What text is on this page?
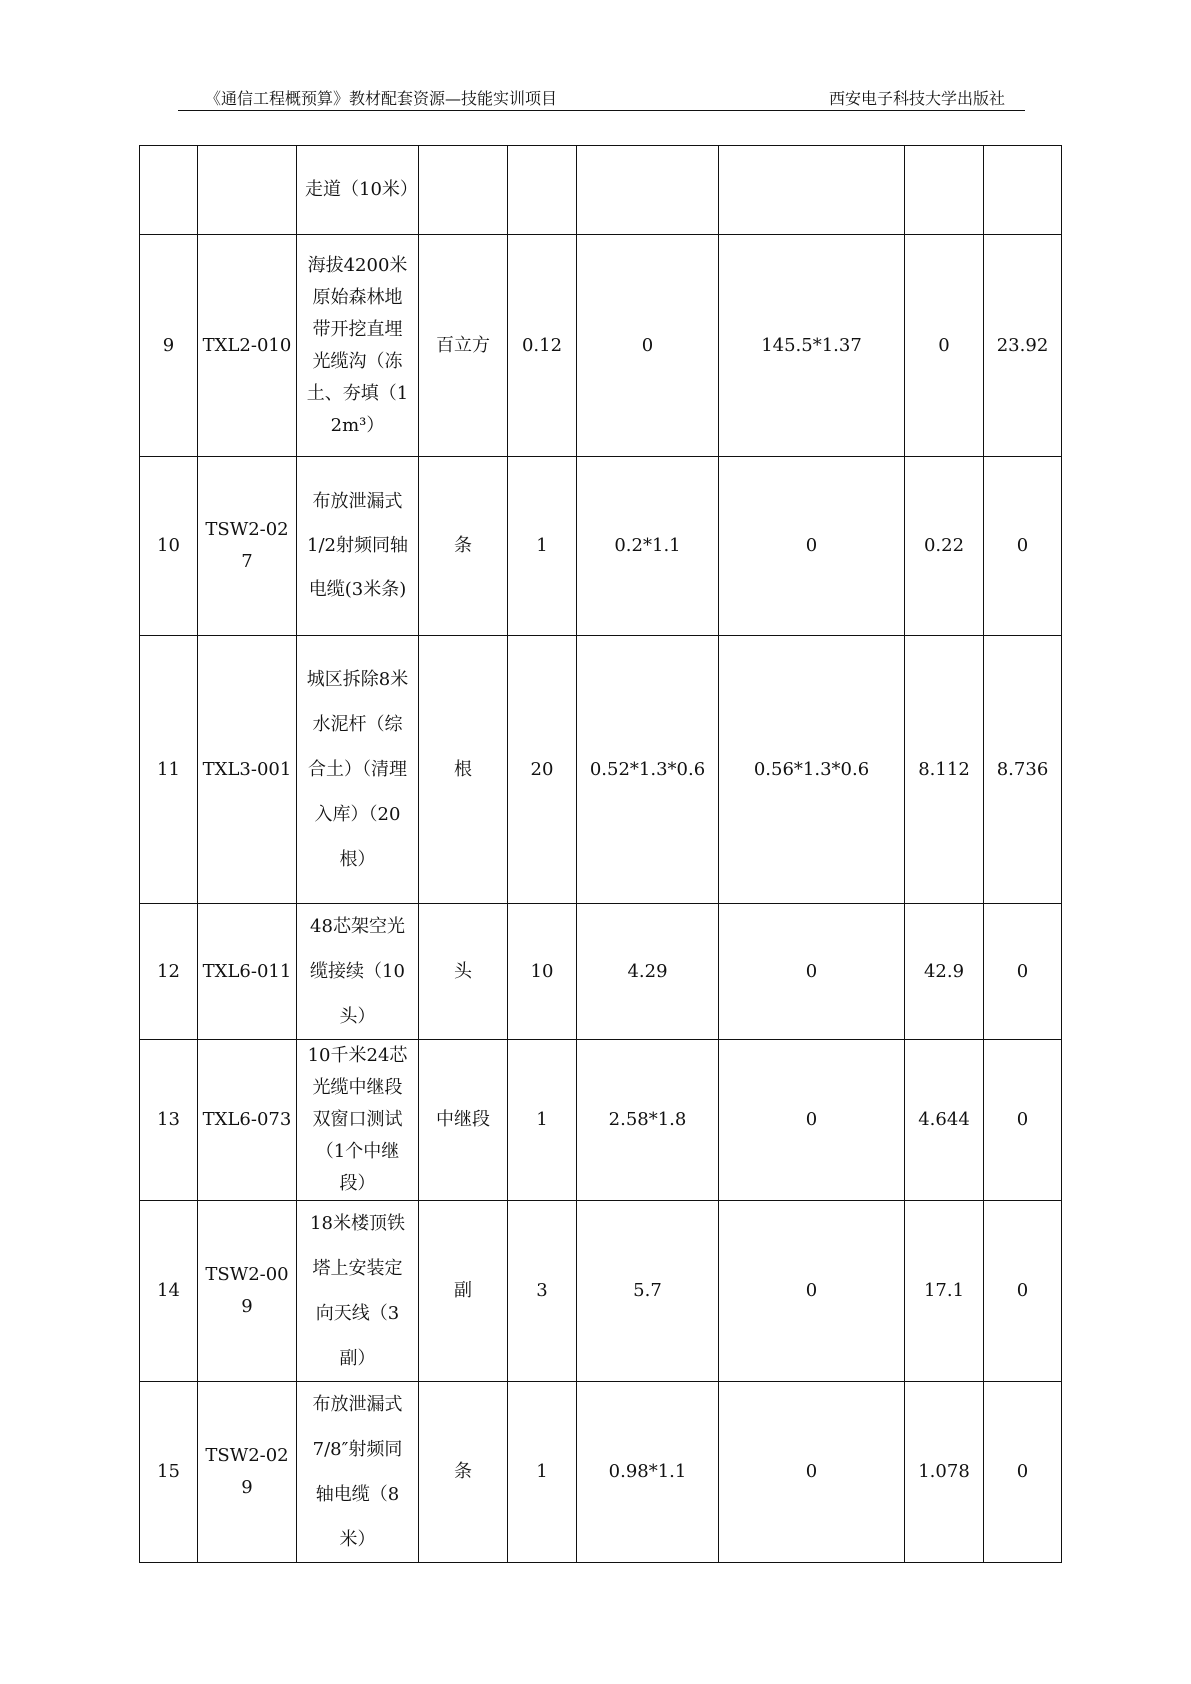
《通信工程概预算》教材配套资源—技能实训项目	西安电子科技大学出版社
		走道（10米）						
9	TXL2-010	海拔4200米原始森林地带开挖直埋光缆沟（冻土、夯填（12m³）	百立方	0.12	0	145.5*1.37	0	23.92
10	TSW2-027	布放泄漏式1/2射频同轴电缆(3米条)	条	1	0.2*1.1	0	0.22	0
11	TXL3-001	城区拆除8米水泥杆（综合土）（清理入库）（20根）	根	20	0.52*1.3*0.6	0.56*1.3*0.6	8.112	8.736
12	TXL6-011	48芯架空光缆接续（10头）	头	10	4.29	0	42.9	0
13	TXL6-073	10千米24芯光缆中继段双窗口测试（1个中继段）	中继段	1	2.58*1.8	0	4.644	0
14	TSW2-009	18米楼顶铁塔上安装定向天线（3副）	副	3	5.7	0	17.1	0
15	TSW2-029	布放泄漏式7/8″射频同轴电缆（8米）	条	1	0.98*1.1	0	1.078	0
